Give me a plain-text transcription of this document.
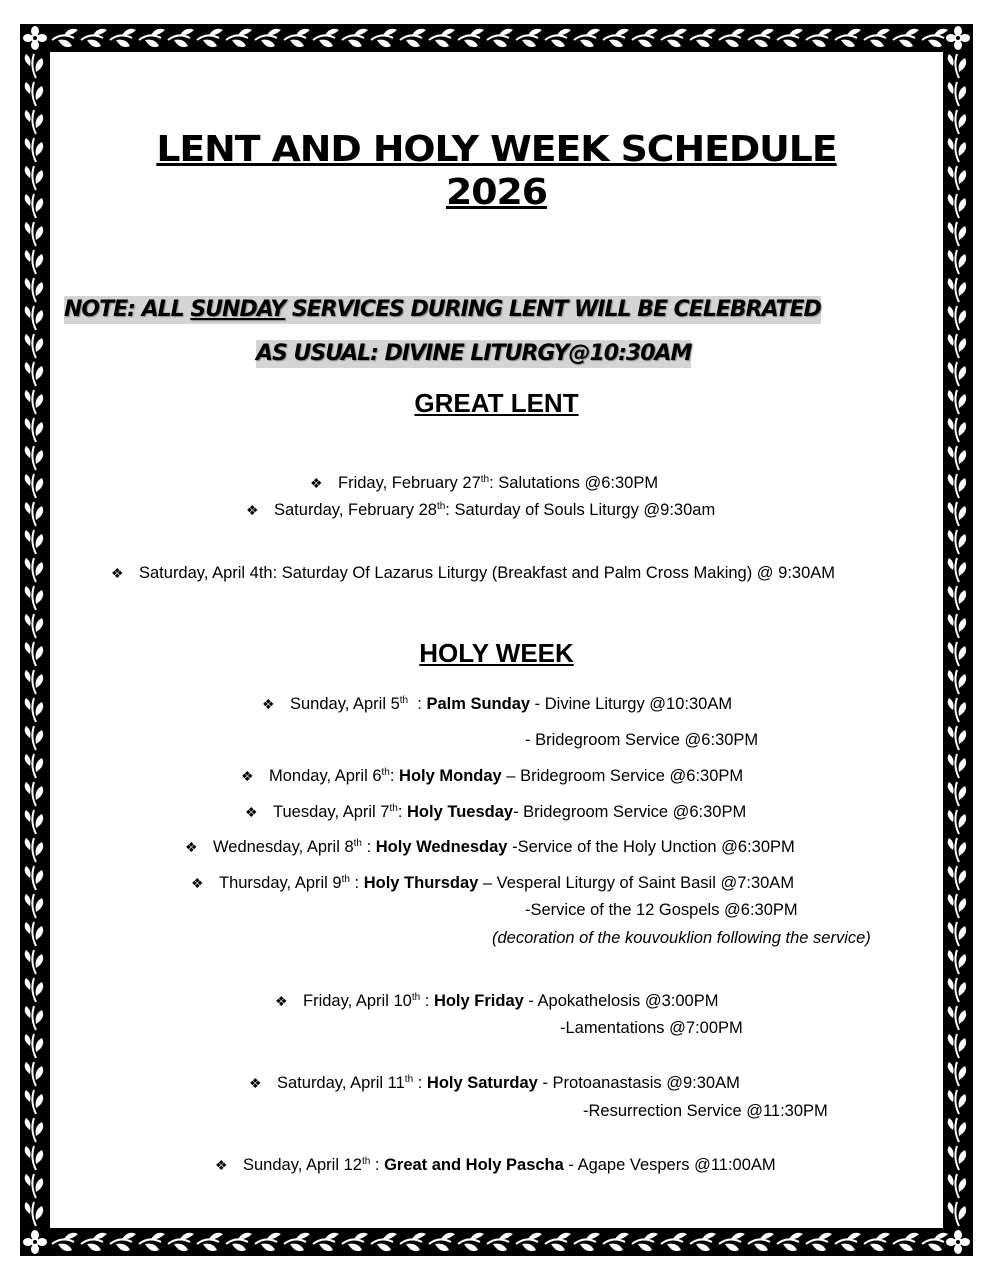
LENT AND HOLY WEEK SCHEDULE
2026
NOTE: ALL SUNDAY SERVICES DURING LENT WILL BE CELEBRATED
AS USUAL: DIVINE LITURGY@10:30AM
GREAT LENT
❖ Friday, February 27th: Salutations @6:30PM
❖ Saturday, February 28th: Saturday of Souls Liturgy @9:30am
❖ Saturday, April 4th: Saturday Of Lazarus Liturgy (Breakfast and Palm Cross Making) @ 9:30AM
HOLY WEEK
❖ Sunday, April 5th  : Palm Sunday - Divine Liturgy @10:30AM
- Bridegroom Service @6:30PM
❖ Monday, April 6th: Holy Monday – Bridegroom Service @6:30PM
❖ Tuesday, April 7th: Holy Tuesday- Bridegroom Service @6:30PM
❖ Wednesday, April 8th : Holy Wednesday -Service of the Holy Unction @6:30PM
❖ Thursday, April 9th : Holy Thursday – Vesperal Liturgy of Saint Basil @7:30AM
-Service of the 12 Gospels @6:30PM
(decoration of the kouvouklion following the service)
❖ Friday, April 10th : Holy Friday - Apokathelosis @3:00PM
-Lamentations @7:00PM
❖ Saturday, April 11th : Holy Saturday - Protoanastasis @9:30AM
-Resurrection Service @11:30PM
❖ Sunday, April 12th : Great and Holy Pascha - Agape Vespers @11:00AM
